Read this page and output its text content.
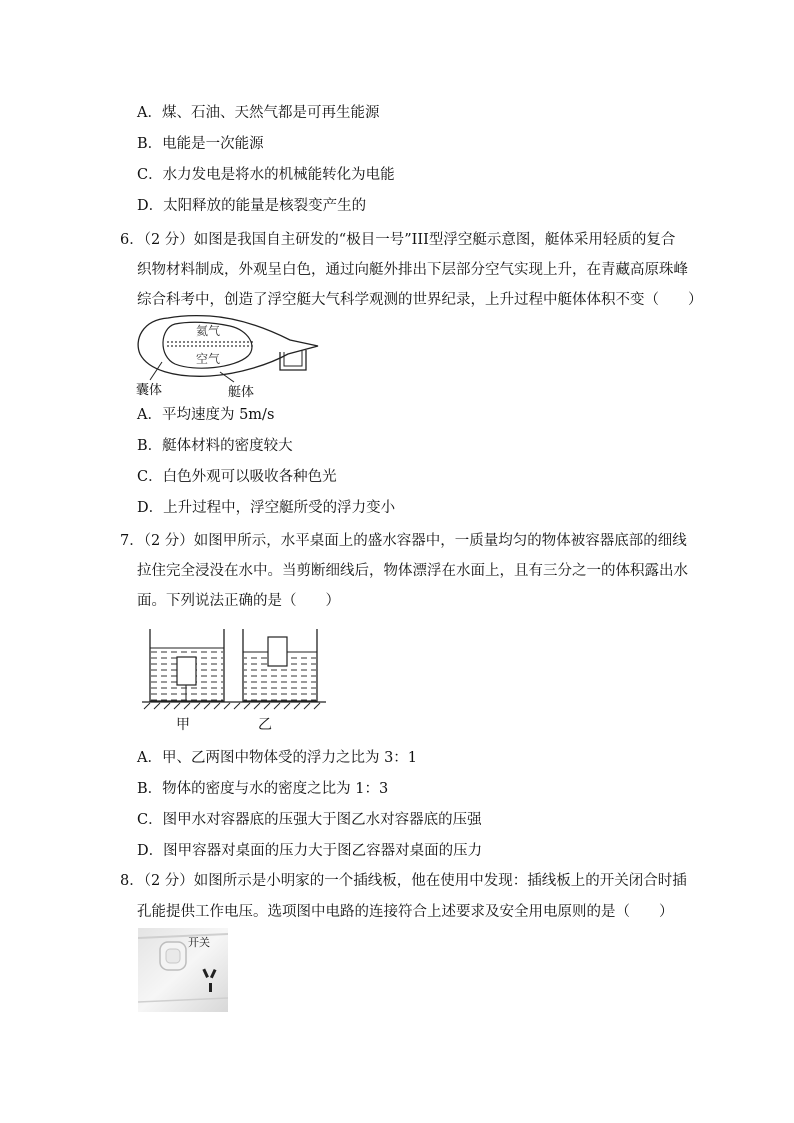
A．煤、石油、天然气都是可再生能源
B．电能是一次能源
C．水力发电是将水的机械能转化为电能
D．太阳释放的能量是核裂变产生的
6．（2 分）如图是我国自主研发的“极目一号”III型浮空艇示意图，艇体采用轻质的复合
织物材料制成，外观呈白色，通过向艇外排出下层部分空气实现上升，在青藏高原珠峰
综合科考中，创造了浮空艇大气科学观测的世界纪录，上升过程中艇体体积不变（　　）
氦气
空气
囊体	艇体
A．平均速度为 5m/s
B．艇体材料的密度较大
C．白色外观可以吸收各种色光
D．上升过程中，浮空艇所受的浮力变小
7．（2 分）如图甲所示，水平桌面上的盛水容器中，一质量均匀的物体被容器底部的细线
拉住完全浸没在水中。当剪断细线后，物体漂浮在水面上，且有三分之一的体积露出水
面。下列说法正确的是（　　）
甲	乙
A．甲、乙两图中物体受的浮力之比为 3：1
B．物体的密度与水的密度之比为 1：3
C．图甲水对容器底的压强大于图乙水对容器底的压强
D．图甲容器对桌面的压力大于图乙容器对桌面的压力
8．（2 分）如图所示是小明家的一个插线板，他在使用中发现：插线板上的开关闭合时插
孔能提供工作电压。选项图中电路的连接符合上述要求及安全用电原则的是（　　）
开关
